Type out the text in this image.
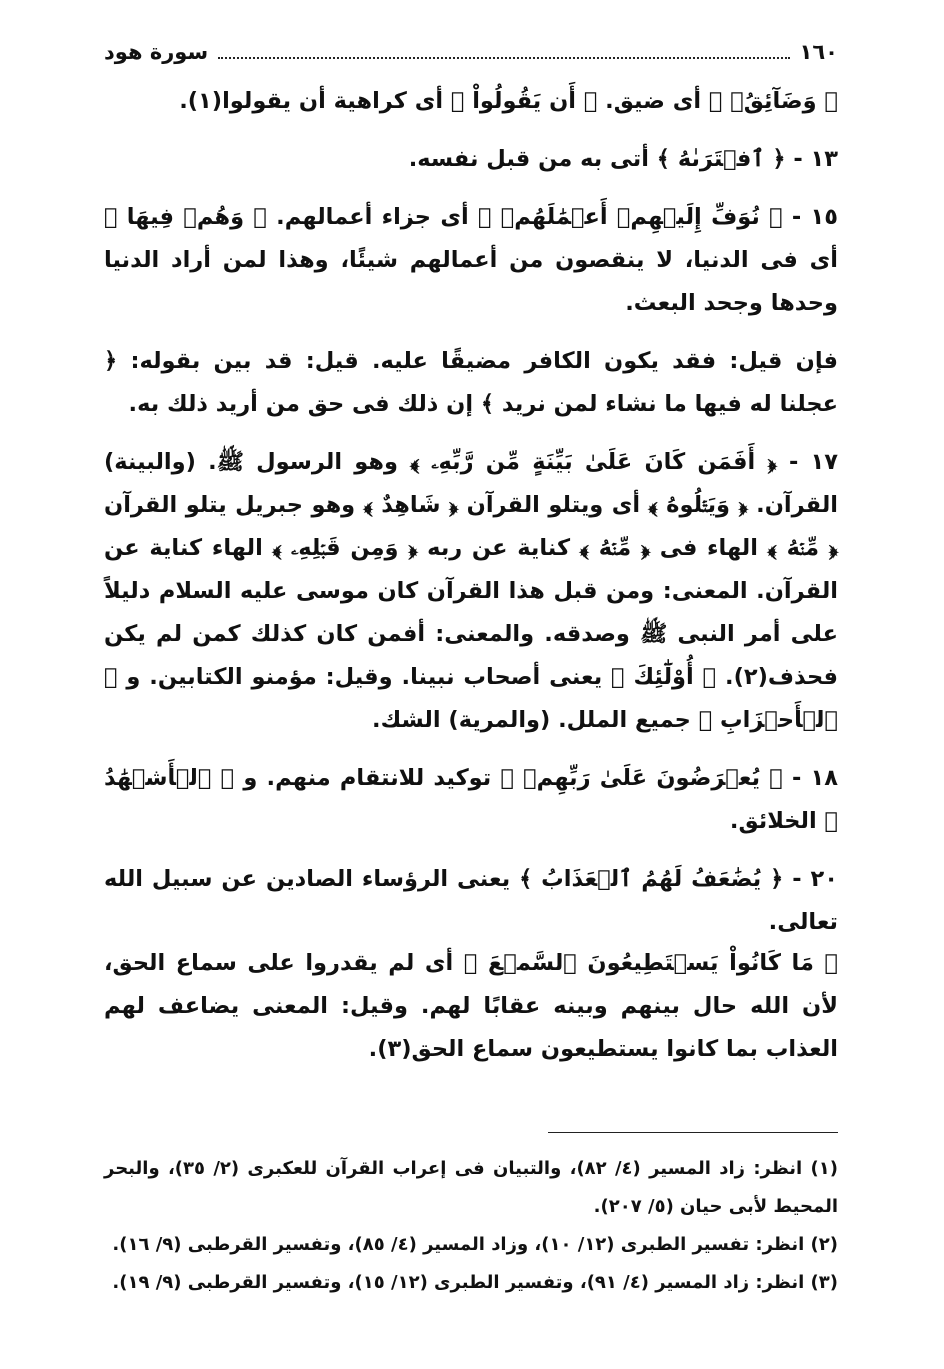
١٦٠
سورة هود

﴿ وَضَآئِقُۢ ﴾ أى ضيق. ﴿ أَن يَقُولُواْ ﴾ أى كراهية أن يقولوا(١).

١٣ - ﴿ ٱفۡتَرَىٰهُ ﴾ أتى به من قبل نفسه.

١٥ - ﴿ نُوَفِّ إِلَيۡهِمۡ أَعۡمَٰلَهُمۡ ﴾ أى جزاء أعمالهم. ﴿ وَهُمۡ فِيهَا ﴾ أى فى الدنيا، لا ينقصون من أعمالهم شيئًا، وهذا لمن أراد الدنيا وحدها وجحد البعث.

فإن قيل: فقد يكون الكافر مضيقًا عليه. قيل: قد بين بقوله: ﴿ عجلنا له فيها ما نشاء لمن نريد ﴾ إن ذلك فى حق من أريد ذلك به.

١٧ - ﴿ أَفَمَن كَانَ عَلَىٰ بَيِّنَةٍ مِّن رَّبِّهِۦ ﴾ وهو الرسول ﷺ. (والبينة) القرآن. ﴿ وَيَتۡلُوهُ ﴾ أى ويتلو القرآن ﴿ شَاهِدٌ ﴾ وهو جبريل يتلو القرآن ﴿ مِّنۡهُ ﴾ الهاء فى ﴿ مِّنۡهُ ﴾ كناية عن ربه ﴿ وَمِن قَبۡلِهِۦ ﴾ الهاء كناية عن القرآن. المعنى: ومن قبل هذا القرآن كان موسى عليه السلام دليلاً على أمر النبى ﷺ وصدقه. والمعنى: أفمن كان كذلك كمن لم يكن فحذف(٢). ﴿ أُوْلَٰٓئِكَ ﴾ يعنى أصحاب نبينا. وقيل: مؤمنو الكتابين. و ﴿ ٱلۡأَحۡزَابِ ﴾ جميع الملل. (والمرية) الشك.

١٨ - ﴿ يُعۡرَضُونَ عَلَىٰ رَبِّهِمۡ ﴾ توكيد للانتقام منهم. و ﴿ ٱلۡأَشۡهَٰدُ ﴾ الخلائق.

٢٠ - ﴿ يُضَٰعَفُ لَهُمُ ٱلۡعَذَابُ ﴾ يعنى الرؤساء الصادين عن سبيل الله تعالى.

﴿ مَا كَانُواْ يَسۡتَطِيعُونَ ٱلسَّمۡعَ ﴾ أى لم يقدروا على سماع الحق، لأن الله حال بينهم وبينه عقابًا لهم. وقيل: المعنى يضاعف لهم العذاب بما كانوا يستطيعون سماع الحق(٣).

(١) انظر: زاد المسير (٤/ ٨٢)، والتبيان فى إعراب القرآن للعكبرى (٢/ ٣٥)، والبحر المحيط لأبى حيان (٥/ ٢٠٧).

(٢) انظر: تفسير الطبرى (١٢/ ١٠)، وزاد المسير (٤/ ٨٥)، وتفسير القرطبى (٩/ ١٦).

(٣) انظر: زاد المسير (٤/ ٩١)، وتفسير الطبرى (١٢/ ١٥)، وتفسير القرطبى (٩/ ١٩).
